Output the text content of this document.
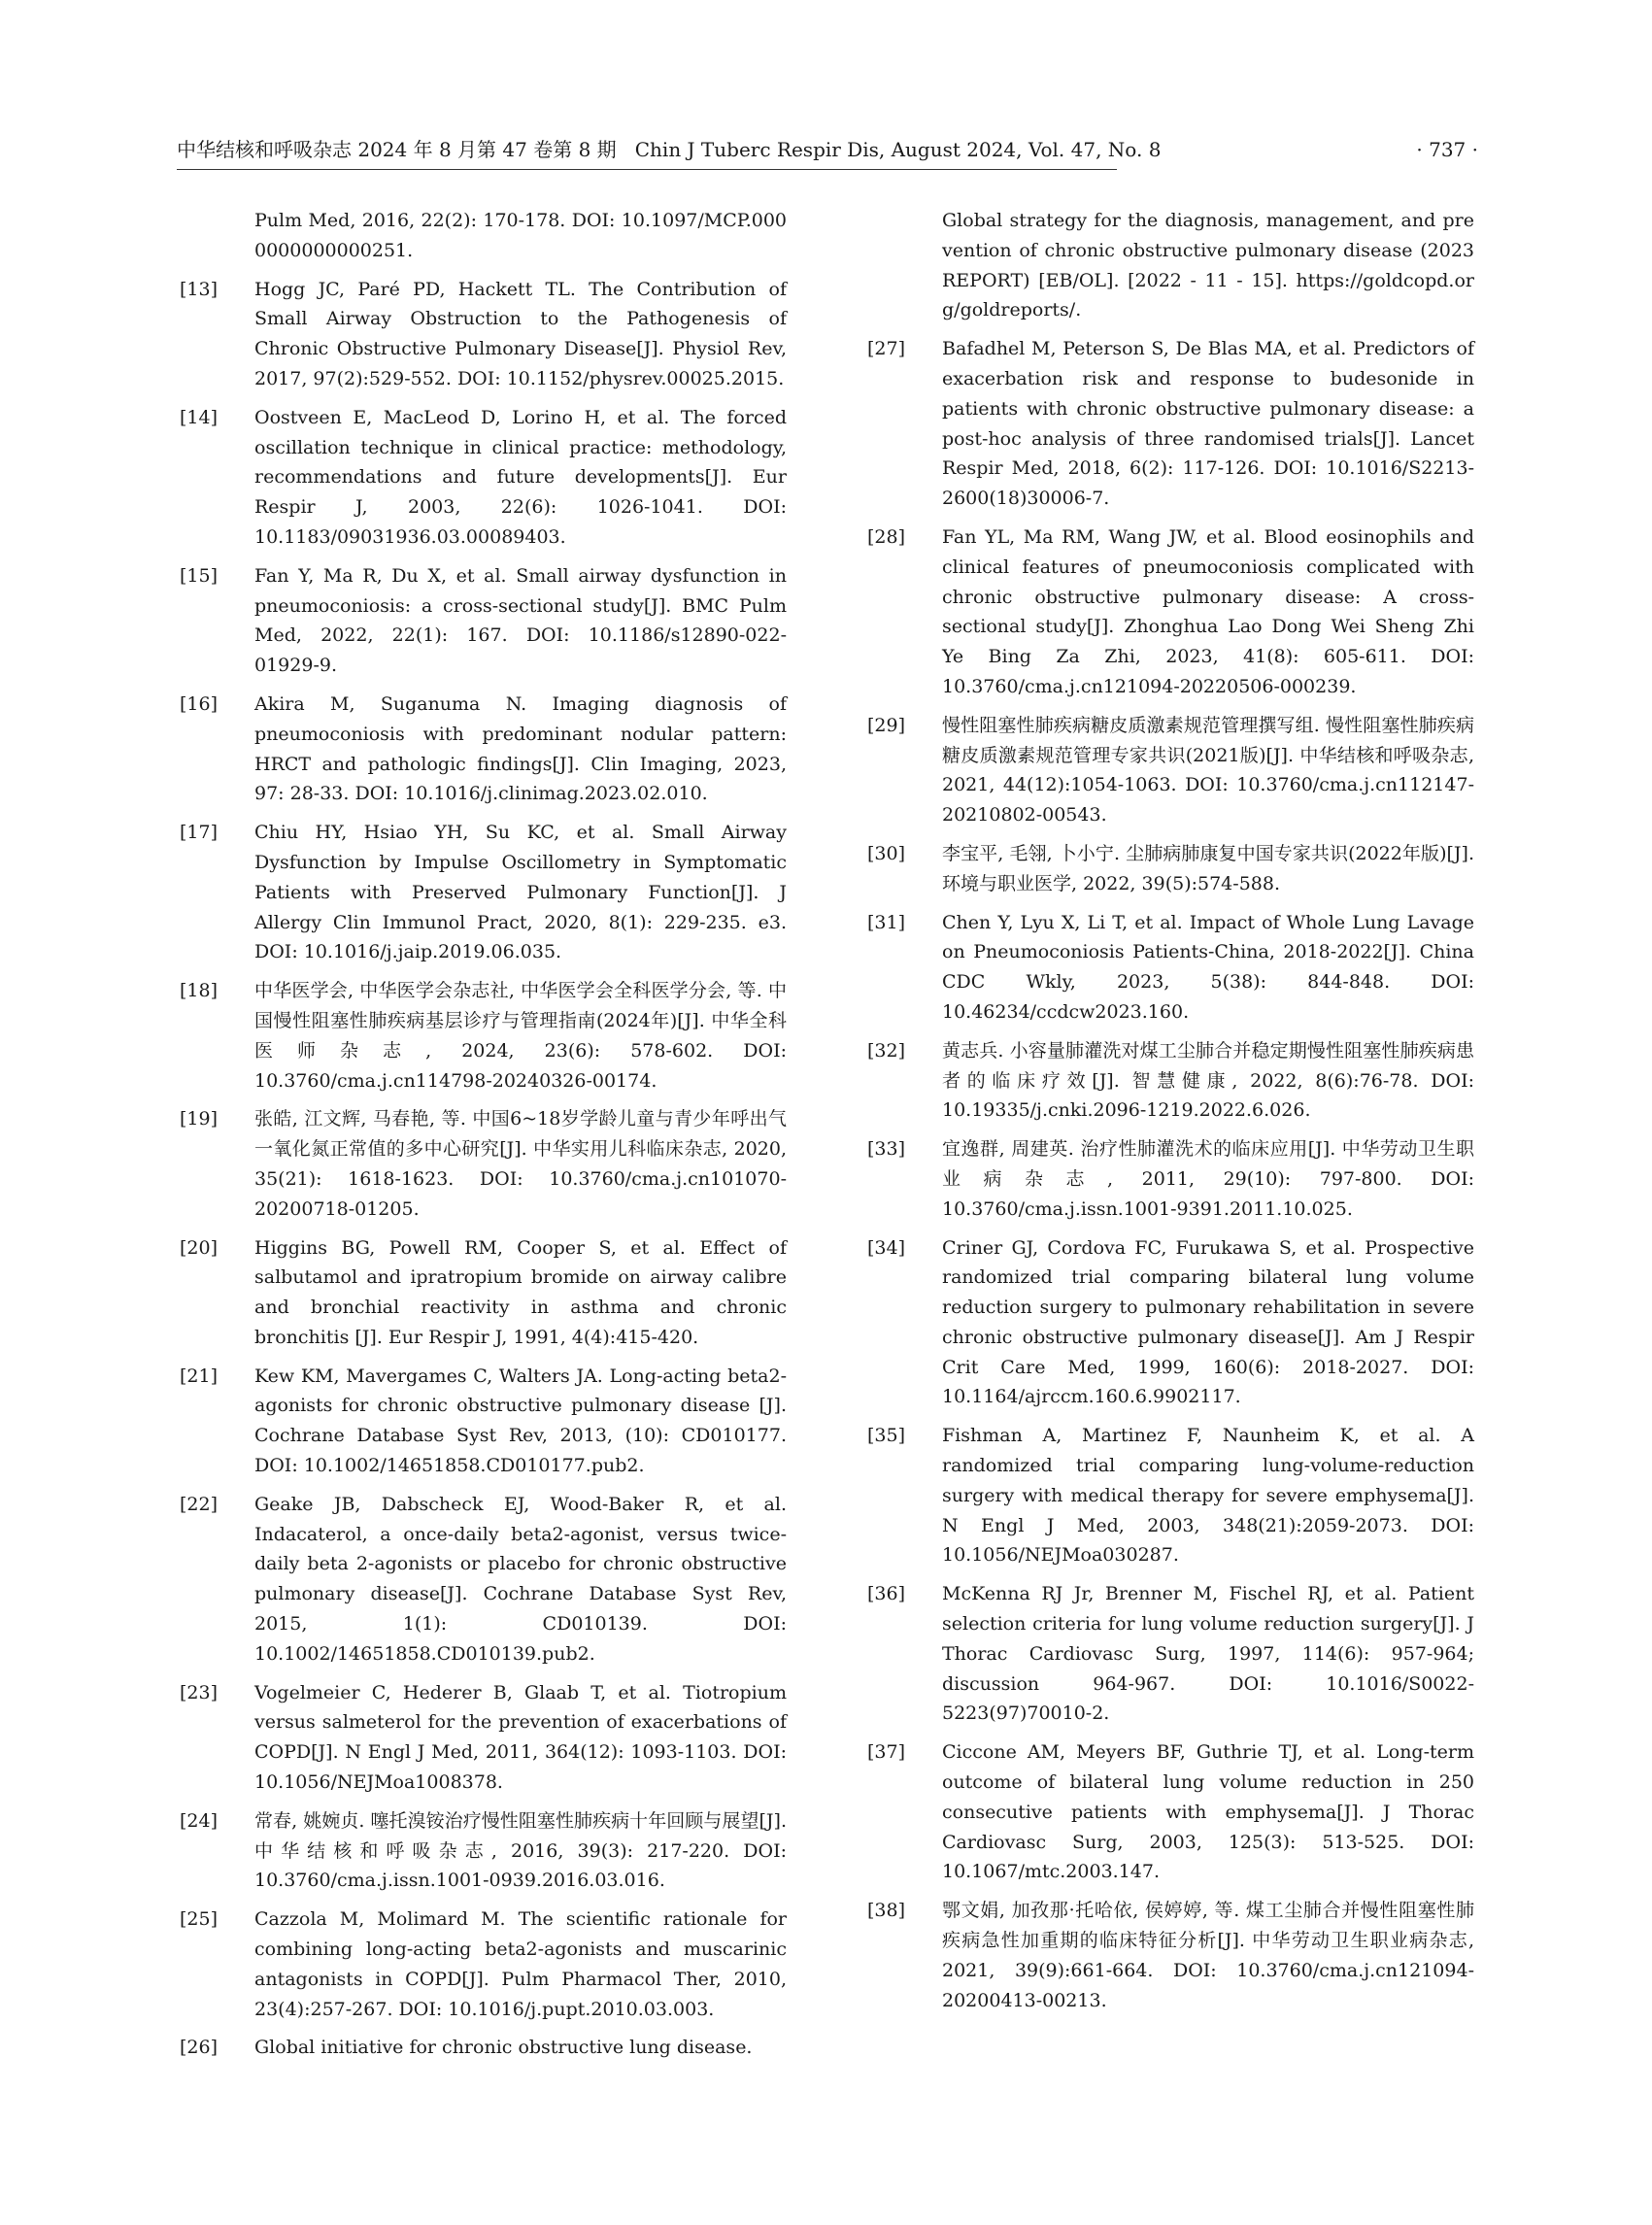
中华结核和呼吸杂志 2024 年 8 月第 47 卷第 8 期 Chin J Tuberc Respir Dis, August 2024, Vol. 47, No. 8	· 737 ·
Pulm Med, 2016, 22(2): 170-178. DOI: 10.1097/MCP.0000000000000251.
[13] Hogg JC, Paré PD, Hackett TL. The Contribution of Small Airway Obstruction to the Pathogenesis of Chronic Obstructive Pulmonary Disease[J]. Physiol Rev, 2017, 97(2):529-552. DOI: 10.1152/physrev.00025.2015.
[14] Oostveen E, MacLeod D, Lorino H, et al. The forced oscillation technique in clinical practice: methodology, recommendations and future developments[J]. Eur Respir J, 2003, 22(6): 1026-1041. DOI: 10.1183/09031936.03.00089403.
[15] Fan Y, Ma R, Du X, et al. Small airway dysfunction in pneumoconiosis: a cross-sectional study[J]. BMC Pulm Med, 2022, 22(1): 167. DOI: 10.1186/s12890-022-01929-9.
[16] Akira M, Suganuma N. Imaging diagnosis of pneumoconiosis with predominant nodular pattern: HRCT and pathologic findings[J]. Clin Imaging, 2023, 97: 28-33. DOI: 10.1016/j.clinimag.2023.02.010.
[17] Chiu HY, Hsiao YH, Su KC, et al. Small Airway Dysfunction by Impulse Oscillometry in Symptomatic Patients with Preserved Pulmonary Function[J]. J Allergy Clin Immunol Pract, 2020, 8(1): 229-235. e3. DOI: 10.1016/j.jaip.2019.06.035.
[18] 中华医学会, 中华医学会杂志社, 中华医学会全科医学分会, 等. 中国慢性阻塞性肺疾病基层诊疗与管理指南(2024年)[J]. 中华全科医师杂志, 2024, 23(6): 578-602. DOI: 10.3760/cma.j.cn114798-20240326-00174.
[19] 张皓, 江文辉, 马春艳, 等. 中国6~18岁学龄儿童与青少年呼出气一氧化氮正常值的多中心研究[J]. 中华实用儿科临床杂志, 2020, 35(21): 1618-1623. DOI: 10.3760/cma.j.cn101070-20200718-01205.
[20] Higgins BG, Powell RM, Cooper S, et al. Effect of salbutamol and ipratropium bromide on airway calibre and bronchial reactivity in asthma and chronic bronchitis [J]. Eur Respir J, 1991, 4(4):415-420.
[21] Kew KM, Mavergames C, Walters JA. Long-acting beta2-agonists for chronic obstructive pulmonary disease [J]. Cochrane Database Syst Rev, 2013, (10): CD010177. DOI: 10.1002/14651858.CD010177.pub2.
[22] Geake JB, Dabscheck EJ, Wood-Baker R, et al. Indacaterol, a once-daily beta2-agonist, versus twice-daily beta 2-agonists or placebo for chronic obstructive pulmonary disease[J]. Cochrane Database Syst Rev, 2015, 1(1): CD010139. DOI: 10.1002/14651858.CD010139.pub2.
[23] Vogelmeier C, Hederer B, Glaab T, et al. Tiotropium versus salmeterol for the prevention of exacerbations of COPD[J]. N Engl J Med, 2011, 364(12): 1093-1103. DOI: 10.1056/NEJMoa1008378.
[24] 常春, 姚婉贞. 噻托溴铵治疗慢性阻塞性肺疾病十年回顾与展望[J]. 中华结核和呼吸杂志, 2016, 39(3): 217-220. DOI: 10.3760/cma.j.issn.1001-0939.2016.03.016.
[25] Cazzola M, Molimard M. The scientific rationale for combining long-acting beta2-agonists and muscarinic antagonists in COPD[J]. Pulm Pharmacol Ther, 2010, 23(4):257-267. DOI: 10.1016/j.pupt.2010.03.003.
[26] Global initiative for chronic obstructive lung disease.
Global strategy for the diagnosis, management, and prevention of chronic obstructive pulmonary disease (2023 REPORT) [EB/OL]. [2022 - 11 - 15]. https://goldcopd.org/goldreports/.
[27] Bafadhel M, Peterson S, De Blas MA, et al. Predictors of exacerbation risk and response to budesonide in patients with chronic obstructive pulmonary disease: a post-hoc analysis of three randomised trials[J]. Lancet Respir Med, 2018, 6(2): 117-126. DOI: 10.1016/S2213-2600(18)30006-7.
[28] Fan YL, Ma RM, Wang JW, et al. Blood eosinophils and clinical features of pneumoconiosis complicated with chronic obstructive pulmonary disease: A cross-sectional study[J]. Zhonghua Lao Dong Wei Sheng Zhi Ye Bing Za Zhi, 2023, 41(8): 605-611. DOI: 10.3760/cma.j.cn121094-20220506-000239.
[29] 慢性阻塞性肺疾病糖皮质激素规范管理撰写组. 慢性阻塞性肺疾病糖皮质激素规范管理专家共识(2021版)[J]. 中华结核和呼吸杂志, 2021, 44(12):1054-1063. DOI: 10.3760/cma.j.cn112147-20210802-00543.
[30] 李宝平, 毛翎, 卜小宁. 尘肺病肺康复中国专家共识(2022年版)[J]. 环境与职业医学, 2022, 39(5):574-588.
[31] Chen Y, Lyu X, Li T, et al. Impact of Whole Lung Lavage on Pneumoconiosis Patients-China, 2018-2022[J]. China CDC Wkly, 2023, 5(38): 844-848. DOI: 10.46234/ccdcw2023.160.
[32] 黄志兵. 小容量肺灌洗对煤工尘肺合并稳定期慢性阻塞性肺疾病患者的临床疗效[J]. 智慧健康, 2022, 8(6):76-78. DOI: 10.19335/j.cnki.2096-1219.2022.6.026.
[33] 宜逸群, 周建英. 治疗性肺灌洗术的临床应用[J]. 中华劳动卫生职业病杂志, 2011, 29(10): 797-800. DOI: 10.3760/cma.j.issn.1001-9391.2011.10.025.
[34] Criner GJ, Cordova FC, Furukawa S, et al. Prospective randomized trial comparing bilateral lung volume reduction surgery to pulmonary rehabilitation in severe chronic obstructive pulmonary disease[J]. Am J Respir Crit Care Med, 1999, 160(6): 2018-2027. DOI: 10.1164/ajrccm.160.6.9902117.
[35] Fishman A, Martinez F, Naunheim K, et al. A randomized trial comparing lung-volume-reduction surgery with medical therapy for severe emphysema[J]. N Engl J Med, 2003, 348(21):2059-2073. DOI: 10.1056/NEJMoa030287.
[36] McKenna RJ Jr, Brenner M, Fischel RJ, et al. Patient selection criteria for lung volume reduction surgery[J]. J Thorac Cardiovasc Surg, 1997, 114(6): 957-964; discussion 964-967. DOI: 10.1016/S0022-5223(97)70010-2.
[37] Ciccone AM, Meyers BF, Guthrie TJ, et al. Long-term outcome of bilateral lung volume reduction in 250 consecutive patients with emphysema[J]. J Thorac Cardiovasc Surg, 2003, 125(3): 513-525. DOI: 10.1067/mtc.2003.147.
[38] 鄂文娟, 加孜那·托哈依, 侯婷婷, 等. 煤工尘肺合并慢性阻塞性肺疾病急性加重期的临床特征分析[J]. 中华劳动卫生职业病杂志, 2021, 39(9):661-664. DOI: 10.3760/cma.j.cn121094-20200413-00213.
